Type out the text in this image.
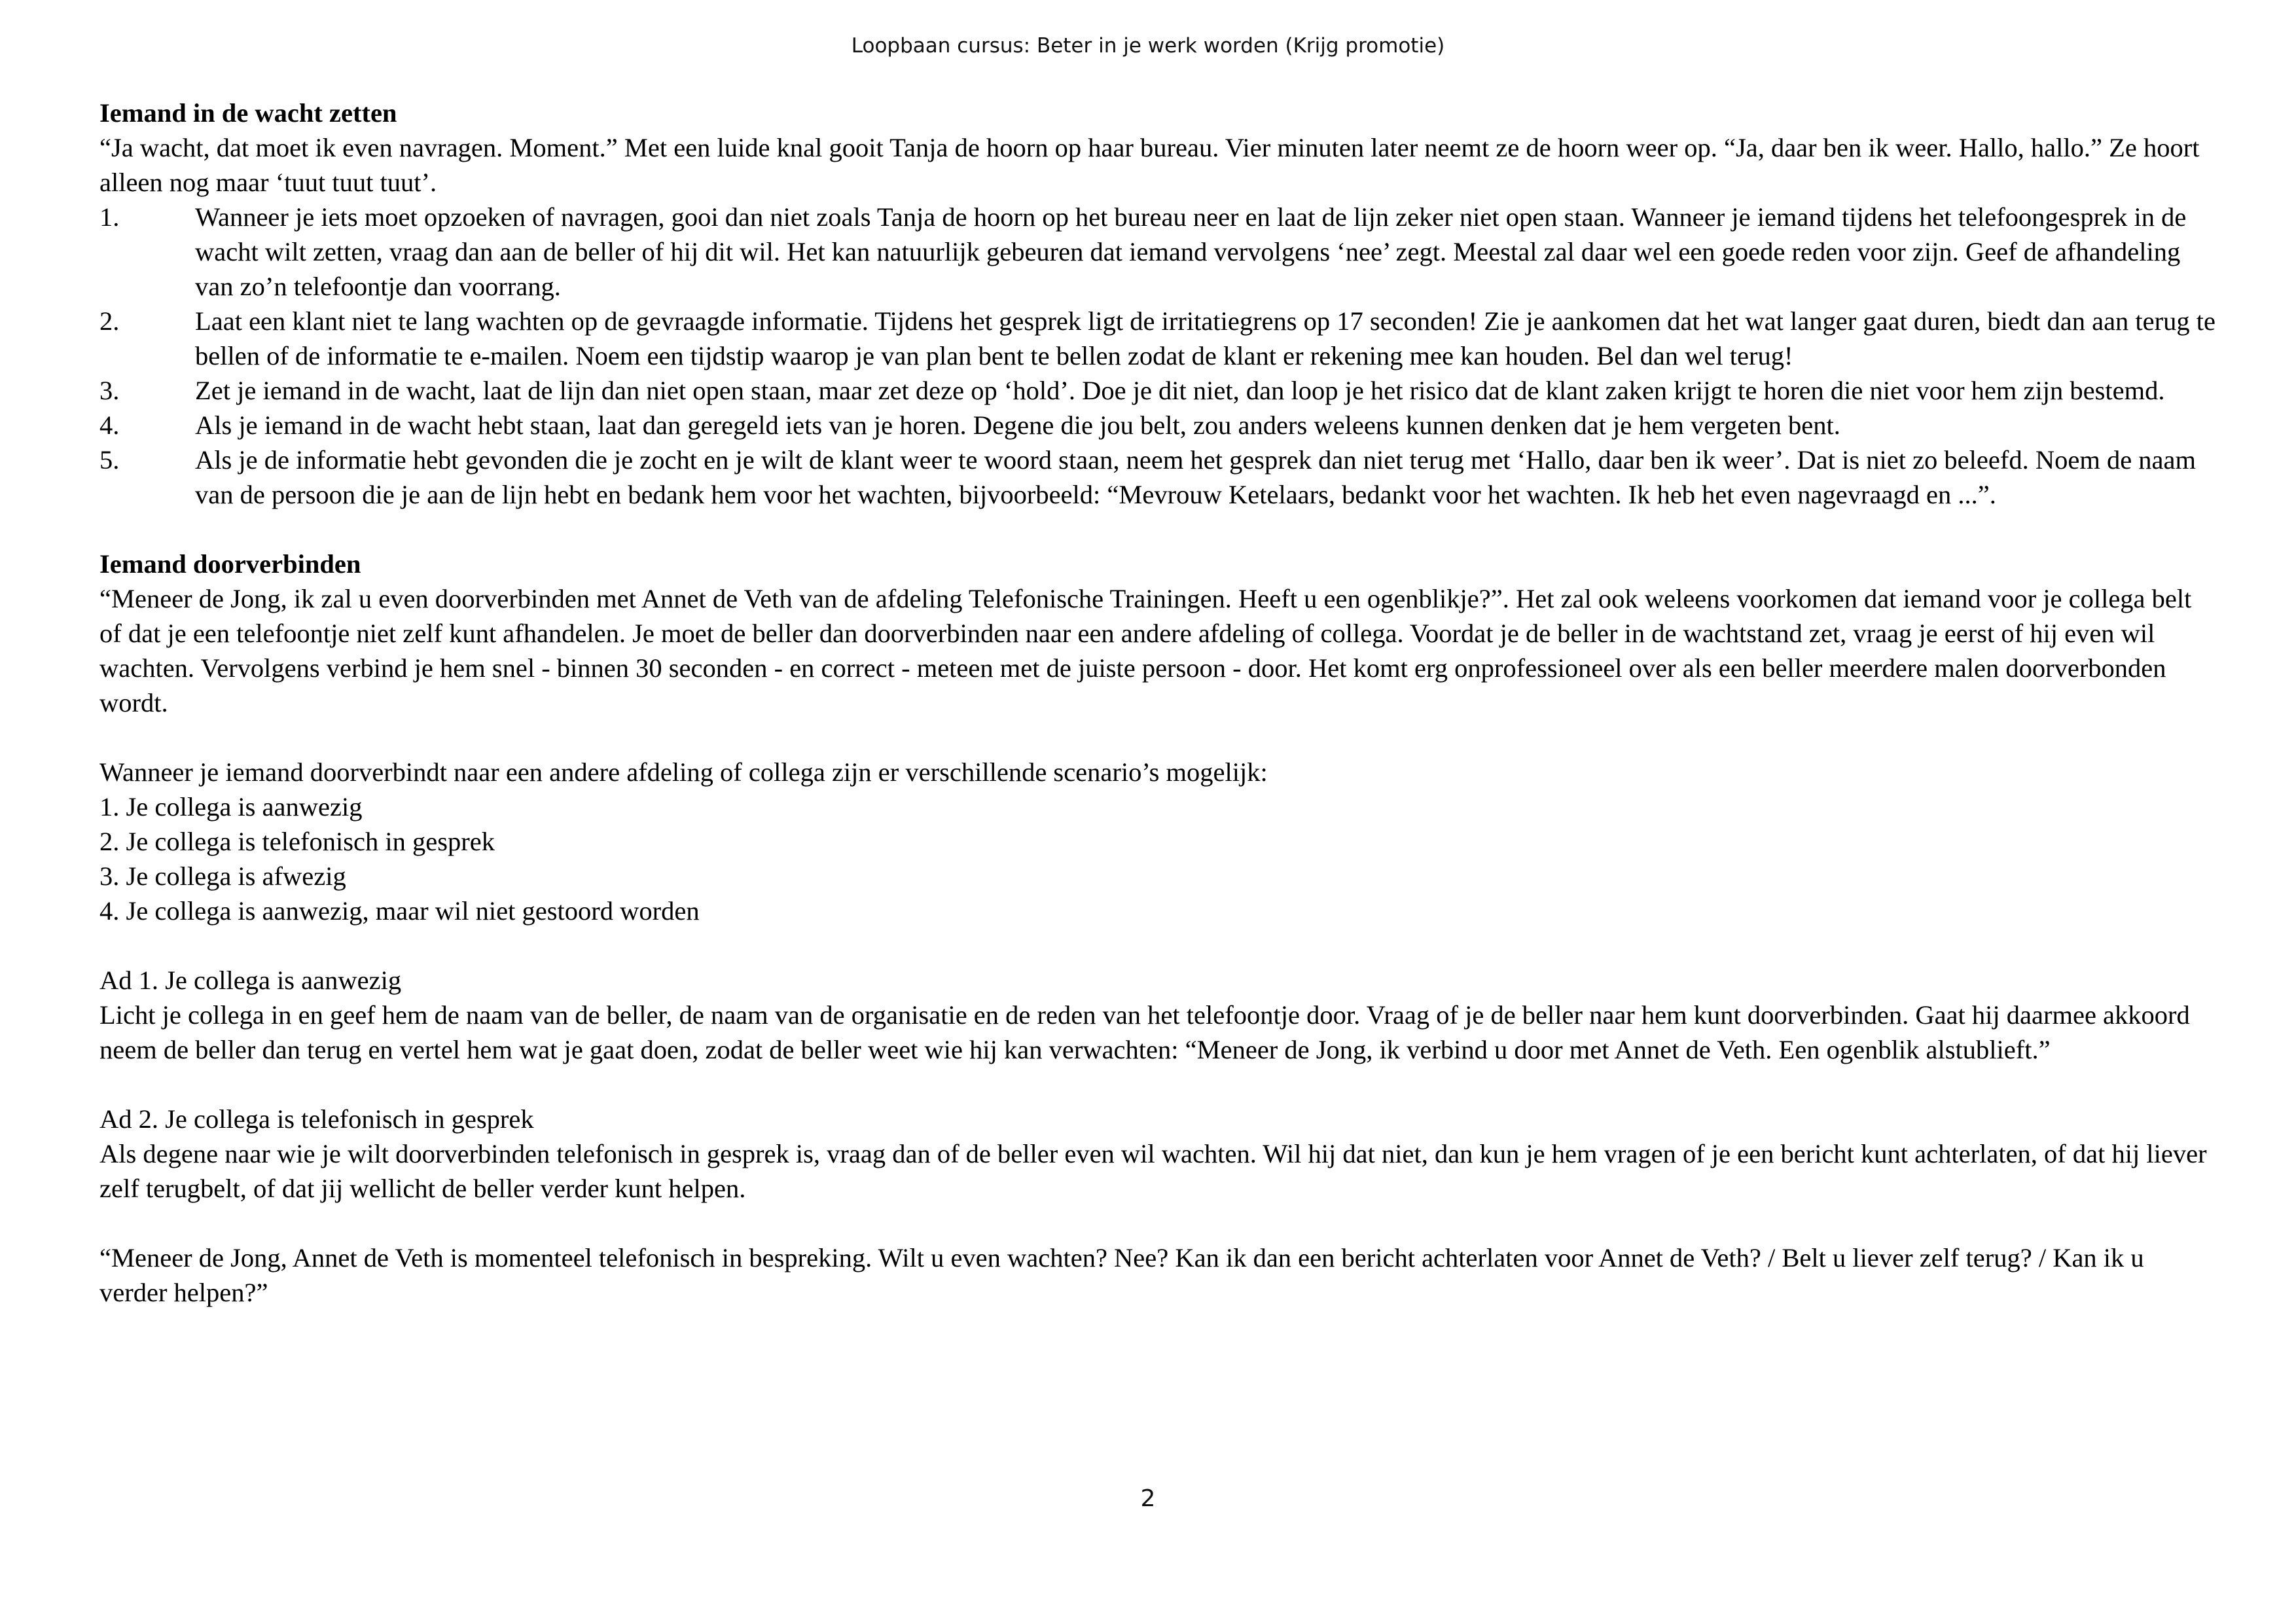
Loopbaan cursus: Beter in je werk worden (Krijg promotie)

Iemand in de wacht zetten

“Ja wacht, dat moet ik even navragen. Moment.” Met een luide knal gooit Tanja de hoorn op haar bureau. Vier minuten later neemt ze de hoorn weer op. “Ja, daar ben ik weer. Hallo, hallo.” Ze hoort alleen nog maar ‘tuut tuut tuut’.

1.	Wanneer je iets moet opzoeken of navragen, gooi dan niet zoals Tanja de hoorn op het bureau neer en laat de lijn zeker niet open staan. Wanneer je iemand tijdens het telefoongesprek in de wacht wilt zetten, vraag dan aan de beller of hij dit wil. Het kan natuurlijk gebeuren dat iemand vervolgens ‘nee’ zegt. Meestal zal daar wel een goede reden voor zijn. Geef de afhandeling van zo’n telefoontje dan voorrang.
2.	Laat een klant niet te lang wachten op de gevraagde informatie. Tijdens het gesprek ligt de irritatiegrens op 17 seconden! Zie je aankomen dat het wat langer gaat duren, biedt dan aan terug te bellen of de informatie te e-mailen. Noem een tijdstip waarop je van plan bent te bellen zodat de klant er rekening mee kan houden. Bel dan wel terug!
3.	Zet je iemand in de wacht, laat de lijn dan niet open staan, maar zet deze op ‘hold’. Doe je dit niet, dan loop je het risico dat de klant zaken krijgt te horen die niet voor hem zijn bestemd.
4.	Als je iemand in de wacht hebt staan, laat dan geregeld iets van je horen. Degene die jou belt, zou anders weleens kunnen denken dat je hem vergeten bent.
5.	Als je de informatie hebt gevonden die je zocht en je wilt de klant weer te woord staan, neem het gesprek dan niet terug met ‘Hallo, daar ben ik weer’. Dat is niet zo beleefd. Noem de naam van de persoon die je aan de lijn hebt en bedank hem voor het wachten, bijvoorbeeld: “Mevrouw Ketelaars, bedankt voor het wachten. Ik heb het even nagevraagd en ...”.

Iemand doorverbinden

“Meneer de Jong, ik zal u even doorverbinden met Annet de Veth van de afdeling Telefonische Trainingen. Heeft u een ogenblikje?”. Het zal ook weleens voorkomen dat iemand voor je collega belt of dat je een telefoontje niet zelf kunt afhandelen. Je moet de beller dan doorverbinden naar een andere afdeling of collega. Voordat je de beller in de wachtstand zet, vraag je eerst of hij even wil wachten. Vervolgens verbind je hem snel - binnen 30 seconden - en correct - meteen met de juiste persoon - door. Het komt erg onprofessioneel over als een beller meerdere malen doorverbonden wordt.

Wanneer je iemand doorverbindt naar een andere afdeling of collega zijn er verschillende scenario’s mogelijk:

1. Je collega is aanwezig
2. Je collega is telefonisch in gesprek
3. Je collega is afwezig
4. Je collega is aanwezig, maar wil niet gestoord worden

Ad 1. Je collega is aanwezig

Licht je collega in en geef hem de naam van de beller, de naam van de organisatie en de reden van het telefoontje door. Vraag of je de beller naar hem kunt doorverbinden. Gaat hij daarmee akkoord neem de beller dan terug en vertel hem wat je gaat doen, zodat de beller weet wie hij kan verwachten: “Meneer de Jong, ik verbind u door met Annet de Veth. Een ogenblik alstublieft.”

Ad 2. Je collega is telefonisch in gesprek

Als degene naar wie je wilt doorverbinden telefonisch in gesprek is, vraag dan of de beller even wil wachten. Wil hij dat niet, dan kun je hem vragen of je een bericht kunt achterlaten, of dat hij liever zelf terugbelt, of dat jij wellicht de beller verder kunt helpen.

“Meneer de Jong, Annet de Veth is momenteel telefonisch in bespreking. Wilt u even wachten? Nee? Kan ik dan een bericht achterlaten voor Annet de Veth? / Belt u liever zelf terug? / Kan ik u verder helpen?”

2
